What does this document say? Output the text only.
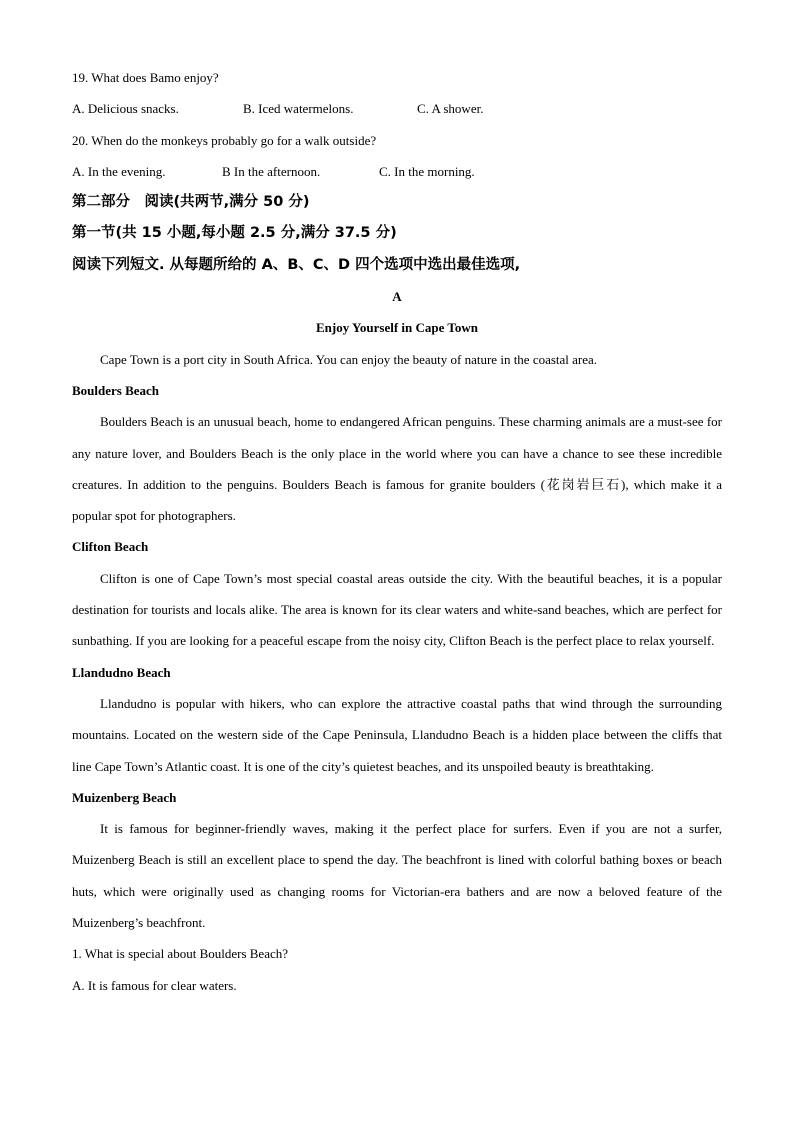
19. What does Bamo enjoy?
A. Delicious snacks.	B. Iced watermelons.	C. A shower.
20. When do the monkeys probably go for a walk outside?
A. In the evening.	B In the afternoon.	C. In the morning.
第二部分　阅读(共两节,满分 50 分)
第一节(共 15 小题,每小题 2.5 分,满分 37.5 分)
阅读下列短文. 从每题所给的 A、B、C、D 四个选项中选出最佳选项,
A
Enjoy Yourself in Cape Town

Cape Town is a port city in South Africa. You can enjoy the beauty of nature in the coastal area.

Boulders Beach

Boulders Beach is an unusual beach, home to endangered African penguins. These charming animals are a must-see for any nature lover, and Boulders Beach is the only place in the world where you can have a chance to see these incredible creatures. In addition to the penguins. Boulders Beach is famous for granite boulders (花岗岩巨石), which make it a popular spot for photographers.

Clifton Beach

Clifton is one of Cape Town’s most special coastal areas outside the city. With the beautiful beaches, it is a popular destination for tourists and locals alike. The area is known for its clear waters and white-sand beaches, which are perfect for sunbathing. If you are looking for a peaceful escape from the noisy city, Clifton Beach is the perfect place to relax yourself.

Llandudno Beach

Llandudno is popular with hikers, who can explore the attractive coastal paths that wind through the surrounding mountains. Located on the western side of the Cape Peninsula, Llandudno Beach is a hidden place between the cliffs that line Cape Town’s Atlantic coast. It is one of the city’s quietest beaches, and its unspoiled beauty is breathtaking.

Muizenberg Beach

It is famous for beginner-friendly waves, making it the perfect place for surfers. Even if you are not a surfer, Muizenberg Beach is still an excellent place to spend the day. The beachfront is lined with colorful bathing boxes or beach huts, which were originally used as changing rooms for Victorian-era bathers and are now a beloved feature of the Muizenberg’s beachfront.

1. What is special about Boulders Beach?
A. It is famous for clear waters.
